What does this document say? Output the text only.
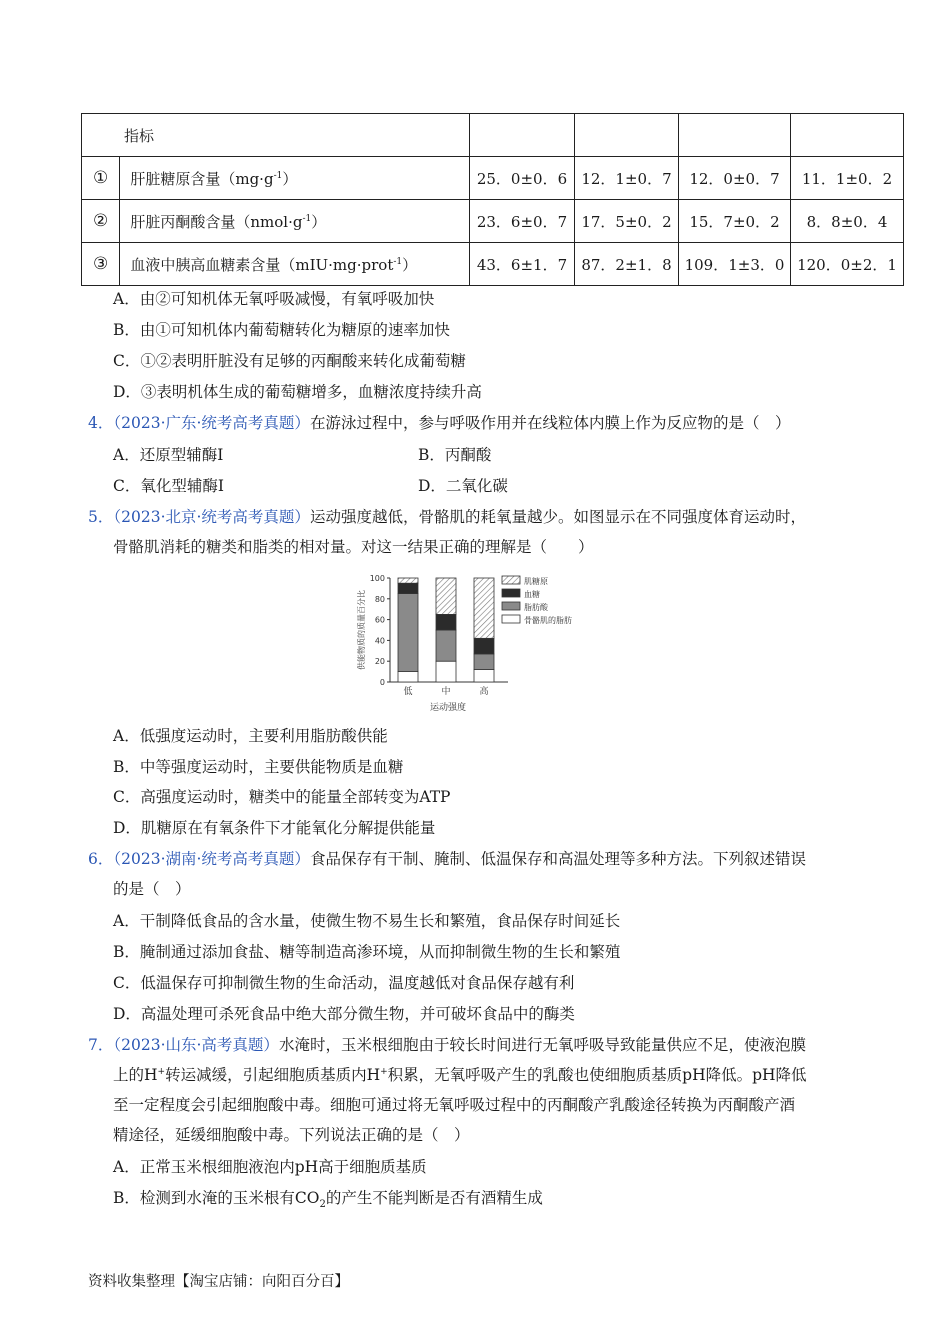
指标					
①	肝脏糖原含量$(mg\cdot g^{-1})$	25．0±0．6	12．1±0．7	12．0±0．7	11．1±0．2
②	肝脏丙酮酸含量$(nmol\cdot g^{-1})$	23．6±0．7	17．5±0．2	15．7±0．2	8．8±0．4
③	血液中胰高血糖素含量（mIU·mg·prot$^{-1}$）	43．6±1．7	87．2±1．8	109．1±3．0	120．0±2．1
A．由②可知机体无氧呼吸减慢，有氧呼吸加快
B．由①可知机体内葡萄糖转化为糖原的速率加快
C．①②表明肝脏没有足够的丙酮酸来转化成葡萄糖
D．③表明机体生成的葡萄糖增多，血糖浓度持续升高
4．（2023·广东·统考高考真题）在游泳过程中，参与呼吸作用并在线粒体内膜上作为反应物的是（　）
A．还原型辅酶Ⅰ	B．丙酮酸
C．氧化型辅酶Ⅰ	D．二氧化碳
5．（2023·北京·统考高考真题）运动强度越低，骨骼肌的耗氧量越少。如图显示在不同强度体育运动时，
骨骼肌消耗的糖类和脂类的相对量。对这一结果正确的理解是（　　）
0
20
40
60
80
100
供能物质的质量百分比
低	中	高
运动强度
肌糖原
血糖
脂肪酸
骨骼肌的脂肪
A．低强度运动时，主要利用脂肪酸供能
B．中等强度运动时，主要供能物质是血糖
C．高强度运动时，糖类中的能量全部转变为ATP
D．肌糖原在有氧条件下才能氧化分解提供能量
6．（2023·湖南·统考高考真题）食品保存有干制、腌制、低温保存和高温处理等多种方法。下列叙述错误
的是（　）
A．干制降低食品的含水量，使微生物不易生长和繁殖，食品保存时间延长
B．腌制通过添加食盐、糖等制造高渗环境，从而抑制微生物的生长和繁殖
C．低温保存可抑制微生物的生命活动，温度越低对食品保存越有利
D．高温处理可杀死食品中绝大部分微生物，并可破坏食品中的酶类
7．（2023·山东·高考真题）水淹时，玉米根细胞由于较长时间进行无氧呼吸导致能量供应不足，使液泡膜
上的H+转运减缓，引起细胞质基质内H+积累，无氧呼吸产生的乳酸也使细胞质基质pH降低。pH降低
至一定程度会引起细胞酸中毒。细胞可通过将无氧呼吸过程中的丙酮酸产乳酸途径转换为丙酮酸产酒
精途径，延缓细胞酸中毒。下列说法正确的是（　）
A．正常玉米根细胞液泡内pH高于细胞质基质
B．检测到水淹的玉米根有$CO_2$的产生不能判断是否有酒精生成
资料收集整理【淘宝店铺：向阳百分百】
